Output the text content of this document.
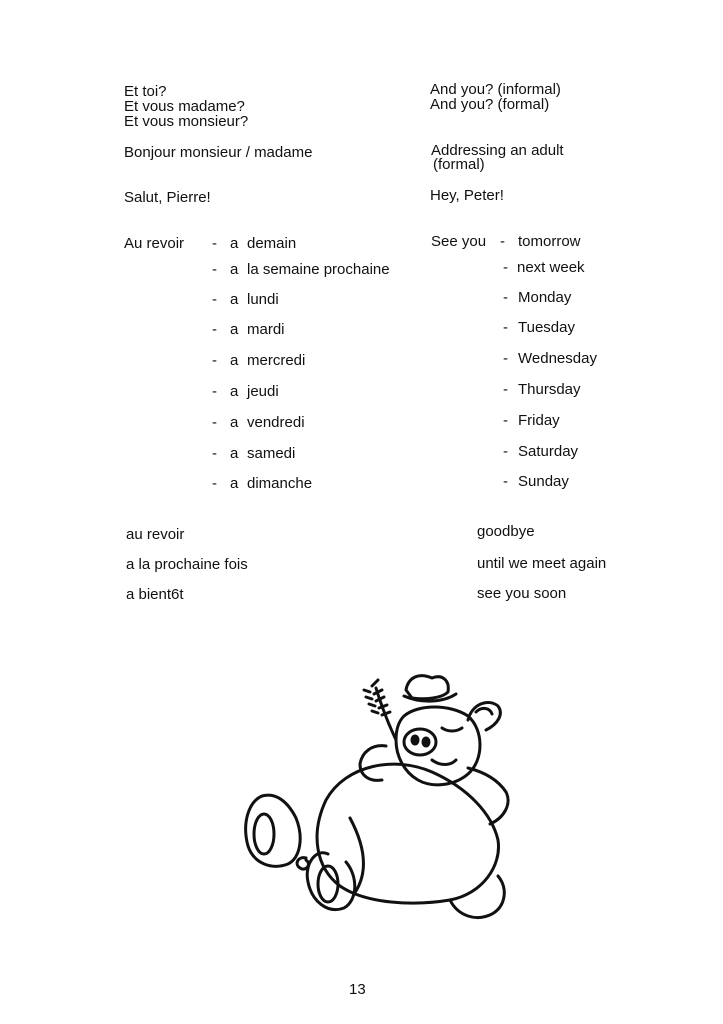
Et toi?	And you? (informal)
Et vous madame?	And you? (formal)
Et vous monsieur?
Bonjour monsieur / madame	Addressing an adult
(formal)
Salut, Pierre!	Hey, Peter!
Au revoir	See you
- a demain	- tomorrow
- a la semaine prochaine	- next week
- a lundi	- Monday
- a mardi	- Tuesday
- a mercredi	- Wednesday
- a jeudi	- Thursday
- a vendredi	- Friday
- a samedi	- Saturday
- a dimanche	- Sunday
au revoir	goodbye
a la prochaine fois	until we meet again
a bient6t	see you soon
13
